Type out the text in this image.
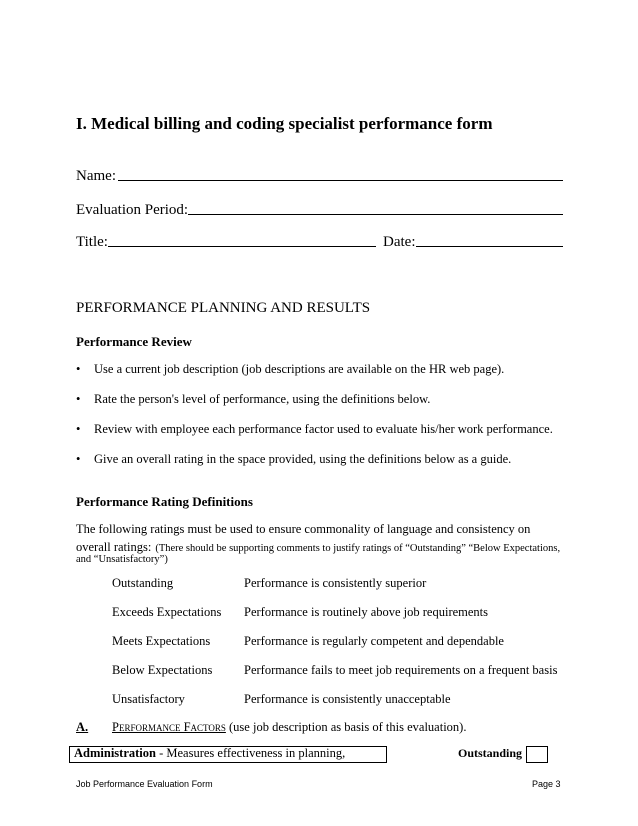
I. Medical billing and coding specialist performance form
Name:
Evaluation Period:
Title:	Date:
PERFORMANCE PLANNING AND RESULTS
Performance Review
• Use a current job description (job descriptions are available on the HR web page).
• Rate the person's level of performance, using the definitions below.
• Review with employee each performance factor used to evaluate his/her work performance.
• Give an overall rating in the space provided, using the definitions below as a guide.
Performance Rating Definitions
The following ratings must be used to ensure commonality of language and consistency on
overall ratings: (There should be supporting comments to justify ratings of “Outstanding” “Below Expectations,
and “Unsatisfactory”)
Outstanding	Performance is consistently superior
Exceeds Expectations Performance is routinely above job requirements
Meets Expectations	Performance is regularly competent and dependable
Below Expectations	Performance fails to meet job requirements on a frequent basis
Unsatisfactory	Performance is consistently unacceptable
A. Performance Factors (use job description as basis of this evaluation).
Administration - Measures effectiveness in planning,	Outstanding
Job Performance Evaluation Form	Page 3
